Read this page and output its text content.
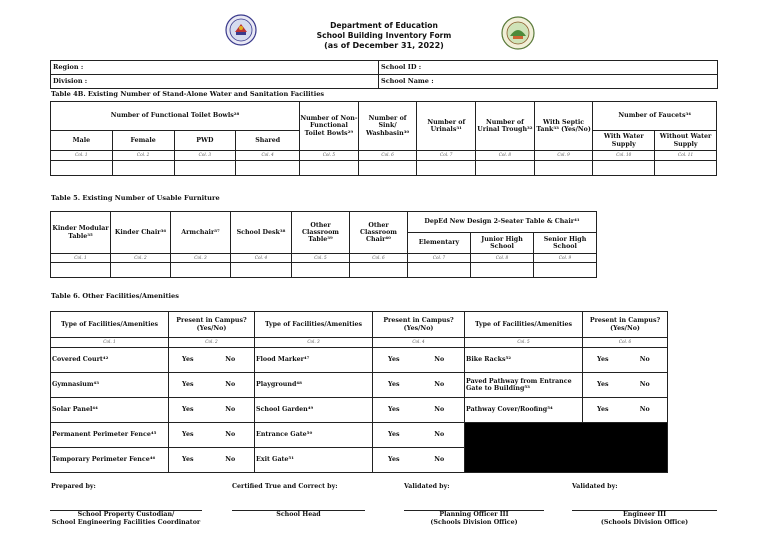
Department of Education
School Building Inventory Form
(as of December 31, 2022)
Region :	School ID :
Division :	School Name :
Table 4B. Existing Number of Stand-Alone Water and Sanitation Facilities
Number of Functional Toilet Bowls²⁸				Number of Non-Functional Toilet Bowls²⁹	Number of Sink/ Washbasin³⁰	Number of Urinals³¹	Number of Urinal Trough³²	With Septic Tank³³ (Yes/No)	Number of Faucets³⁴	
Male	Female	PWD	Shared						With Water Supply	Without Water Supply
Col. 1	Col. 2	Col. 3	Col. 4	Col. 5	Col. 6	Col. 7	Col. 8	Col. 9	Col. 10	Col. 11

Table 5. Existing Number of Usable Furniture
Kinder Modular Table³⁵	Kinder Chair³⁶	Armchair³⁷	School Desk³⁸	Other Classroom Table³⁹	Other Classroom Chair⁴⁰	DepEd New Design 2-Seater Table & Chair⁴¹		
						Elementary	Junior High School	Senior High School
Col. 1	Col. 2	Col. 3	Col. 4	Col. 5	Col. 6	Col. 7	Col. 8	Col. 9

Table 6. Other Facilities/Amenities
Type of Facilities/Amenities	Present in Campus? (Yes/No)		Type of Facilities/Amenities	Present in Campus? (Yes/No)		Type of Facilities/Amenities	Present in Campus? (Yes/No)	
Col. 1	Col. 2		Col. 3	Col. 4		Col. 5	Col. 6	
Covered Court⁴²	Yes	No	Flood Marker⁴⁷	Yes	No	Bike Racks⁵²	Yes	No
Gymnasium⁴³	Yes	No	Playground⁴⁸	Yes	No	Paved Pathway from Entrance Gate to Building⁵³	Yes	No
Solar Panel⁴⁴	Yes	No	School Garden⁴⁹	Yes	No	Pathway Cover/Roofing⁵⁴	Yes	No
Permanent Perimeter Fence⁴⁵	Yes	No	Entrance Gate⁵⁰	Yes	No			
Temporary Perimeter Fence⁴⁶	Yes	No	Exit Gate⁵¹	Yes	No			
Prepared by:	Certified True and Correct by:	Validated by:	Validated by:
School Property Custodian/
School Engineering Facilities Coordinator
School Head	Planning Officer III
(Schools Division Office)
Engineer III
(Schools Division Office)
